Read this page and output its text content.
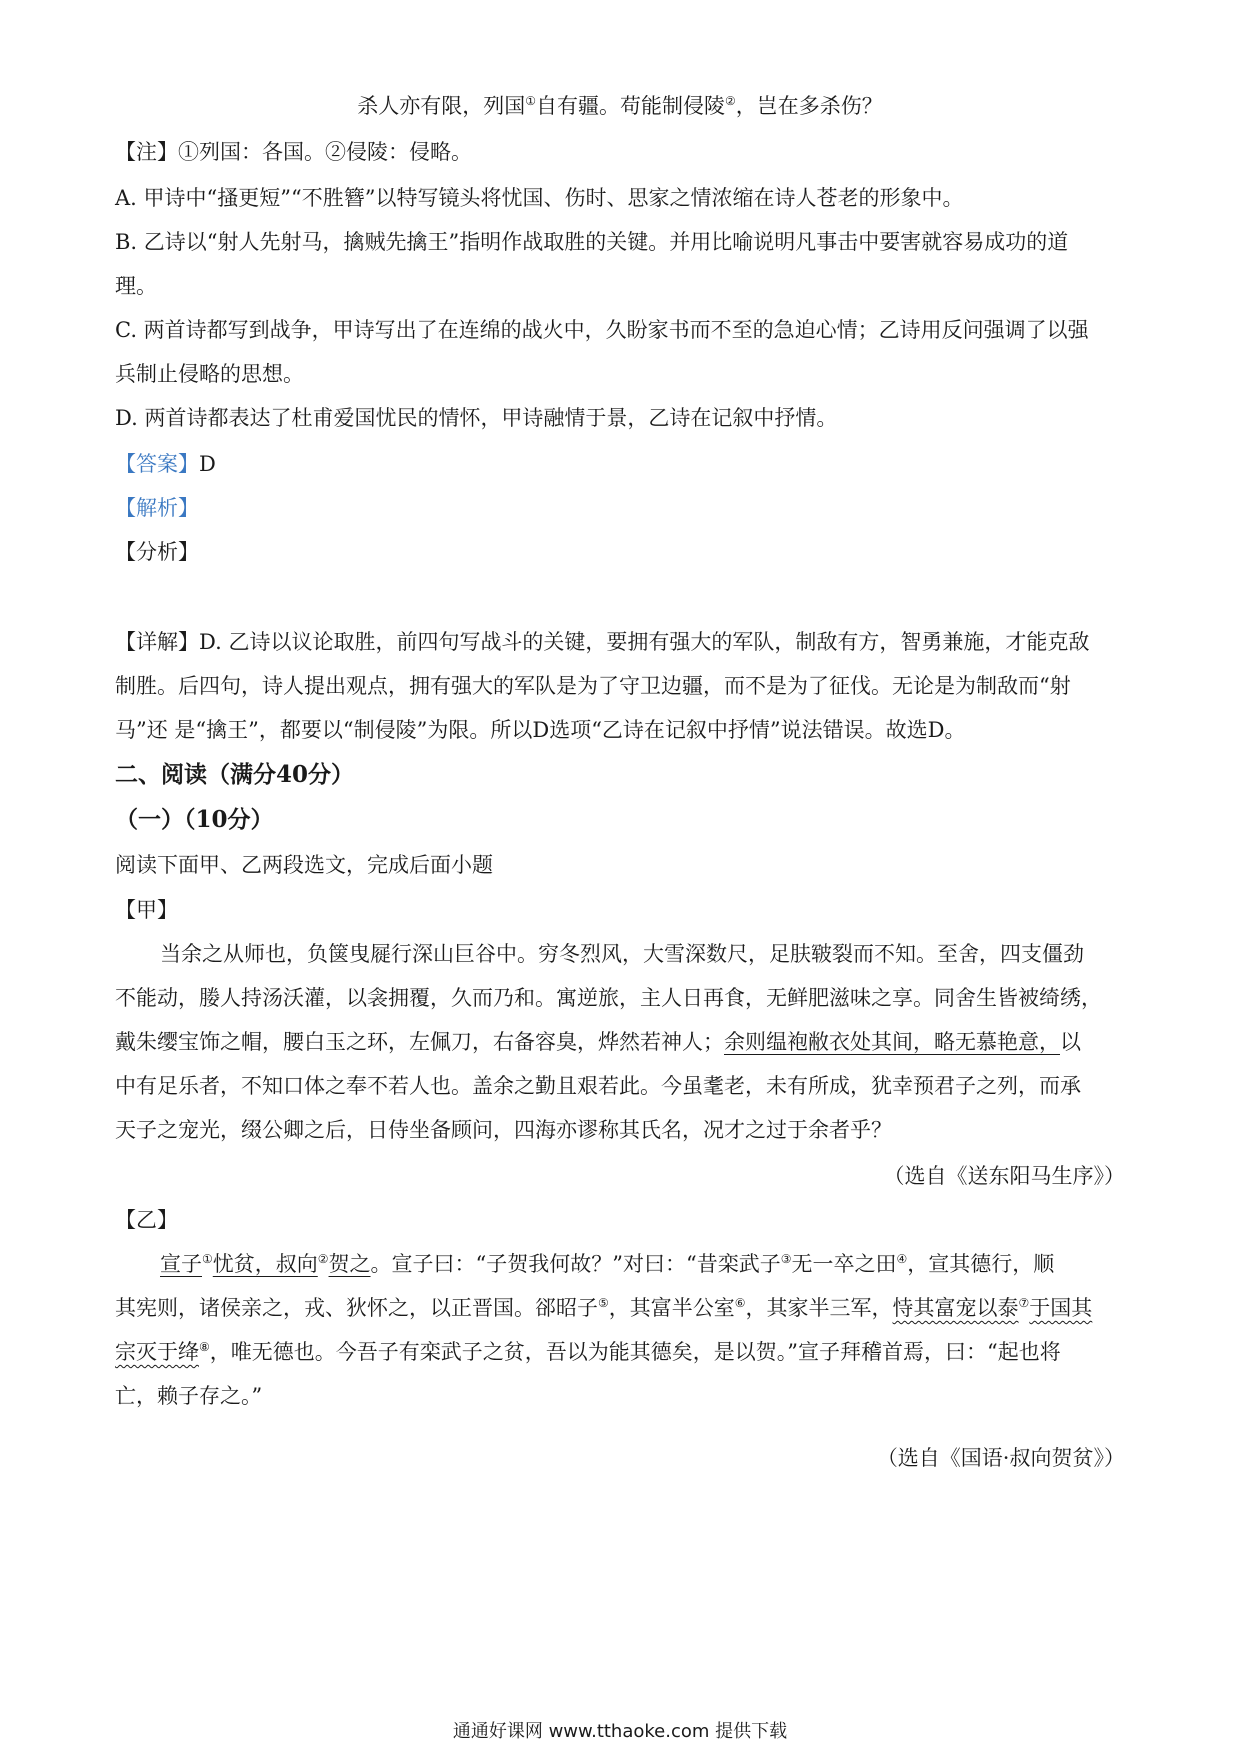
杀人亦有限，列国①自有疆。苟能制侵陵②，岂在多杀伤？
【注】①列国：各国。②侵陵：侵略。
A. 甲诗中“搔更短”“不胜簪”以特写镜头将忧国、伤时、思家之情浓缩在诗人苍老的形象中。
B. 乙诗以“射人先射马，擒贼先擒王”指明作战取胜的关键。并用比喻说明凡事击中要害就容易成功的道
理。
C. 两首诗都写到战争，甲诗写出了在连绵的战火中，久盼家书而不至的急迫心情；乙诗用反问强调了以强
兵制止侵略的思想。
D. 两首诗都表达了杜甫爱国忧民的情怀，甲诗融情于景，乙诗在记叙中抒情。
【答案】D
【解析】
【分析】
【详解】D. 乙诗以议论取胜，前四句写战斗的关键，要拥有强大的军队，制敌有方，智勇兼施，才能克敌
制胜。后四句，诗人提出观点，拥有强大的军队是为了守卫边疆，而不是为了征伐。无论是为制敌而“射
马”还 是“擒王”，都要以“制侵陵”为限。所以D选项“乙诗在记叙中抒情”说法错误。故选D。
二、阅读（满分40分）
（一）（10分）
阅读下面甲、乙两段选文，完成后面小题
【甲】
当余之从师也，负箧曳屣行深山巨谷中。穷冬烈风，大雪深数尺，足肤皲裂而不知。至舍，四支僵劲
不能动，媵人持汤沃灌，以衾拥覆，久而乃和。寓逆旅，主人日再食，无鲜肥滋味之享。同舍生皆被绮绣，
戴朱缨宝饰之帽，腰白玉之环，左佩刀，右备容臭，烨然若神人；余则缊袍敝衣处其间，略无慕艳意，以
中有足乐者，不知口体之奉不若人也。盖余之勤且艰若此。今虽耄老，未有所成，犹幸预君子之列，而承
天子之宠光，缀公卿之后，日侍坐备顾问，四海亦谬称其氏名，况才之过于余者乎？
（选自《送东阳马生序》）
【乙】
宣子①忧贫，叔向②贺之。宣子曰：“子贺我何故？”对曰：“昔栾武子③无一卒之田④，宣其德行，顺
其宪则，诸侯亲之，戎、狄怀之，以正晋国。郤昭子⑤，其富半公室⑥，其家半三军，恃其富宠以泰⑦于国其
宗灭于绛⑧，唯无德也。今吾子有栾武子之贫，吾以为能其德矣，是以贺。”宣子拜稽首焉，曰：“起也将
亡，赖子存之。”
（选自《国语·叔向贺贫》）
通通好课网 www.tthaoke.com 提供下载
